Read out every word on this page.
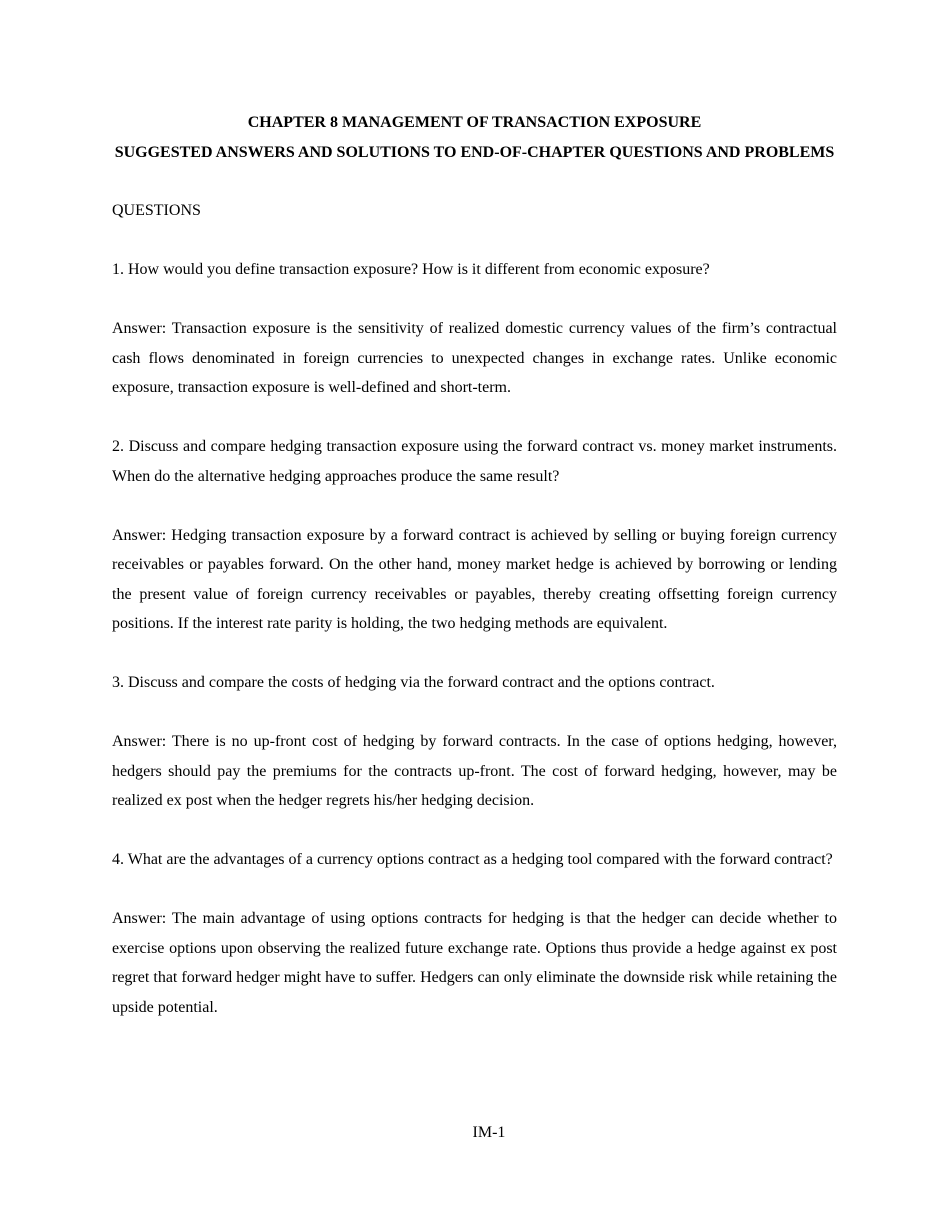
CHAPTER 8 MANAGEMENT OF TRANSACTION EXPOSURE

SUGGESTED ANSWERS AND SOLUTIONS TO END-OF-CHAPTER QUESTIONS AND PROBLEMS

QUESTIONS

1. How would you define transaction exposure? How is it different from economic exposure?

Answer: Transaction exposure is the sensitivity of realized domestic currency values of the firm’s contractual cash flows denominated in foreign currencies to unexpected changes in exchange rates. Unlike economic exposure, transaction exposure is well-defined and short-term.

2. Discuss and compare hedging transaction exposure using the forward contract vs. money market instruments. When do the alternative hedging approaches produce the same result?

Answer: Hedging transaction exposure by a forward contract is achieved by selling or buying foreign currency receivables or payables forward. On the other hand, money market hedge is achieved by borrowing or lending the present value of foreign currency receivables or payables, thereby creating offsetting foreign currency positions. If the interest rate parity is holding, the two hedging methods are equivalent.

3. Discuss and compare the costs of hedging via the forward contract and the options contract.

Answer: There is no up-front cost of hedging by forward contracts. In the case of options hedging, however, hedgers should pay the premiums for the contracts up-front. The cost of forward hedging, however, may be realized ex post when the hedger regrets his/her hedging decision.

4. What are the advantages of a currency options contract as a hedging tool compared with the forward contract?

Answer: The main advantage of using options contracts for hedging is that the hedger can decide whether to exercise options upon observing the realized future exchange rate. Options thus provide a hedge against ex post regret that forward hedger might have to suffer. Hedgers can only eliminate the downside risk while retaining the upside potential.

IM-1
